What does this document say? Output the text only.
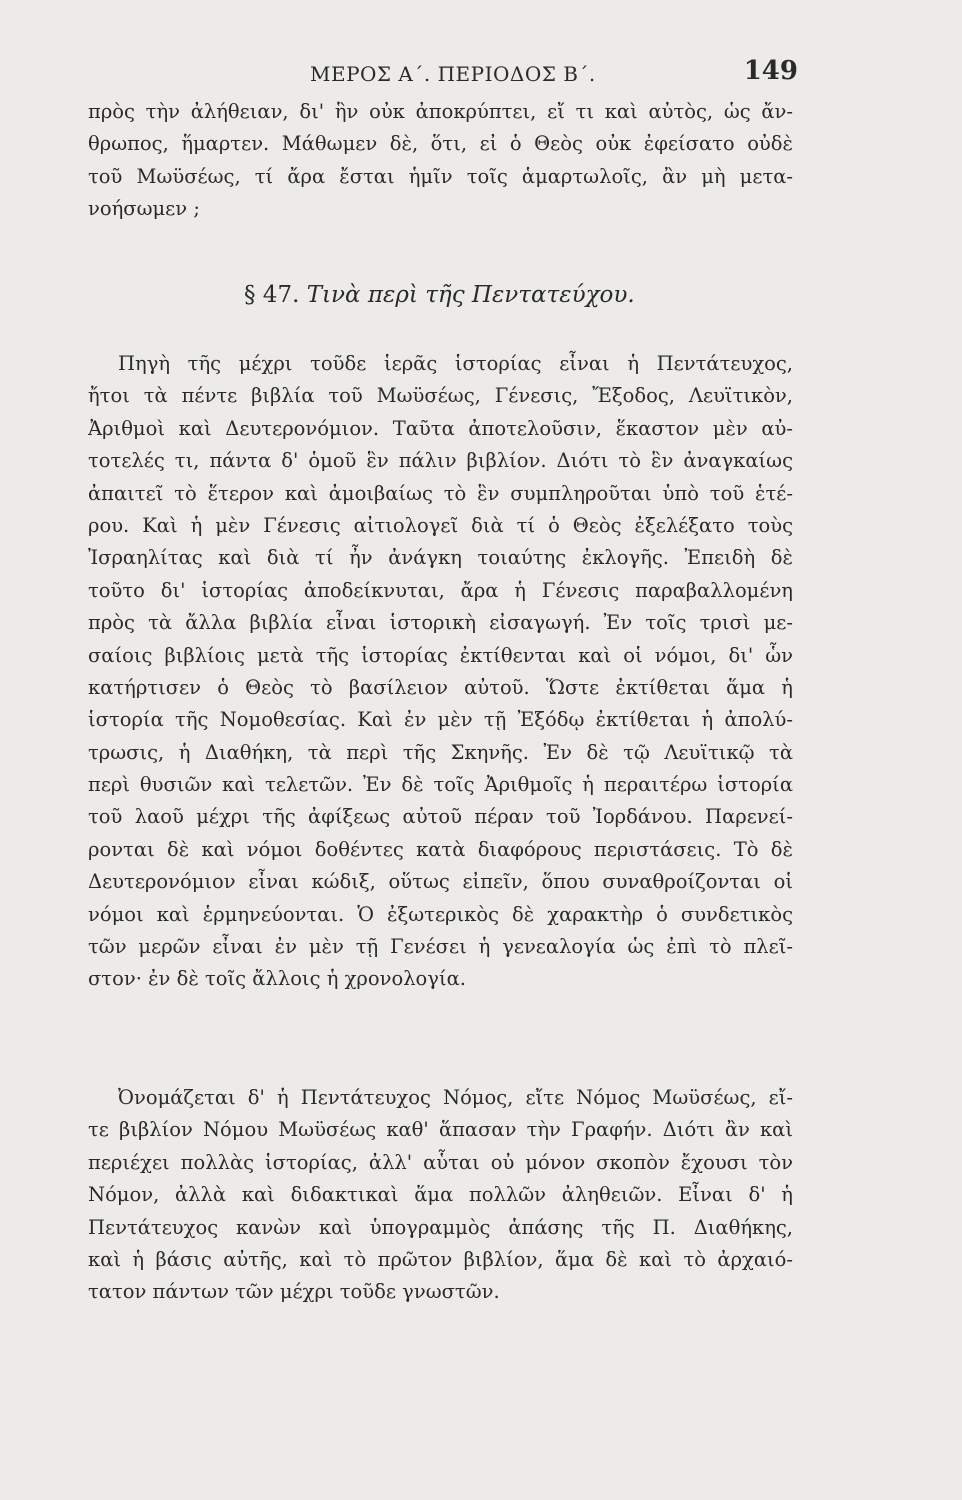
ΜΕΡΟΣ Α΄. ΠΕΡΙΟΔΟΣ Β΄.	149
πρὸς τὴν ἀλήθειαν, δι' ἣν οὐκ ἀποκρύπτει, εἴ τι καὶ αὐτὸς, ὡς ἄν-
θρωπος, ἥμαρτεν. Μάθωμεν δὲ, ὅτι, εἰ ὁ Θεὸς οὐκ ἐφείσατο οὐδὲ
τοῦ Μωϋσέως, τί ἄρα ἔσται ἡμῖν τοῖς ἁμαρτωλοῖς, ἂν μὴ μετα-
νοήσωμεν ;
§ 47. Τινὰ περὶ τῆς Πεντατεύχου.
Πηγὴ τῆς μέχρι τοῦδε ἱερᾶς ἱστορίας εἶναι ἡ Πεντάτευχος,
ἤτοι τὰ πέντε βιβλία τοῦ Μωϋσέως, Γένεσις, Ἔξοδος, Λευϊτικὸν,
Ἀριθμοὶ καὶ Δευτερονόμιον. Ταῦτα ἀποτελοῦσιν, ἕκαστον μὲν αὐ-
τοτελές τι, πάντα δ' ὁμοῦ ἓν πάλιν βιβλίον. Διότι τὸ ἓν ἀναγκαίως
ἀπαιτεῖ τὸ ἕτερον καὶ ἀμοιβαίως τὸ ἓν συμπληροῦται ὑπὸ τοῦ ἑτέ-
ρου. Καὶ ἡ μὲν Γένεσις αἰτιολογεῖ διὰ τί ὁ Θεὸς ἐξελέξατο τοὺς
Ἰσραηλίτας καὶ διὰ τί ἦν ἀνάγκη τοιαύτης ἐκλογῆς. Ἐπειδὴ δὲ
τοῦτο δι' ἱστορίας ἀποδείκνυται, ἄρα ἡ Γένεσις παραβαλλομένη
πρὸς τὰ ἄλλα βιβλία εἶναι ἱστορικὴ εἰσαγωγή. Ἐν τοῖς τρισὶ με-
σαίοις βιβλίοις μετὰ τῆς ἱστορίας ἐκτίθενται καὶ οἱ νόμοι, δι' ὧν
κατήρτισεν ὁ Θεὸς τὸ βασίλειον αὐτοῦ. Ὥστε ἐκτίθεται ἅμα ἡ
ἱστορία τῆς Νομοθεσίας. Καὶ ἐν μὲν τῇ Ἐξόδῳ ἐκτίθεται ἡ ἀπολύ-
τρωσις, ἡ Διαθήκη, τὰ περὶ τῆς Σκηνῆς. Ἐν δὲ τῷ Λευϊτικῷ τὰ
περὶ θυσιῶν καὶ τελετῶν. Ἐν δὲ τοῖς Ἀριθμοῖς ἡ περαιτέρω ἱστορία
τοῦ λαοῦ μέχρι τῆς ἀφίξεως αὐτοῦ πέραν τοῦ Ἰορδάνου. Παρενεί-
ρονται δὲ καὶ νόμοι δοθέντες κατὰ διαφόρους περιστάσεις. Τὸ δὲ
Δευτερονόμιον εἶναι κώδιξ, οὕτως εἰπεῖν, ὅπου συναθροίζονται οἱ
νόμοι καὶ ἑρμηνεύονται. Ὁ ἐξωτερικὸς δὲ χαρακτὴρ ὁ συνδετικὸς
τῶν μερῶν εἶναι ἐν μὲν τῇ Γενέσει ἡ γενεαλογία ὡς ἐπὶ τὸ πλεῖ-
στον· ἐν δὲ τοῖς ἄλλοις ἡ χρονολογία.
Ὀνομάζεται δ' ἡ Πεντάτευχος Νόμος, εἴτε Νόμος Μωϋσέως, εἴ-
τε βιβλίον Νόμου Μωϋσέως καθ' ἅπασαν τὴν Γραφήν. Διότι ἂν καὶ
περιέχει πολλὰς ἱστορίας, ἀλλ' αὗται οὐ μόνον σκοπὸν ἔχουσι τὸν
Νόμον, ἀλλὰ καὶ διδακτικαὶ ἅμα πολλῶν ἀληθειῶν. Εἶναι δ' ἡ
Πεντάτευχος κανὼν καὶ ὑπογραμμὸς ἁπάσης τῆς Π. Διαθήκης,
καὶ ἡ βάσις αὐτῆς, καὶ τὸ πρῶτον βιβλίον, ἅμα δὲ καὶ τὸ ἀρχαιό-
τατον πάντων τῶν μέχρι τοῦδε γνωστῶν.
